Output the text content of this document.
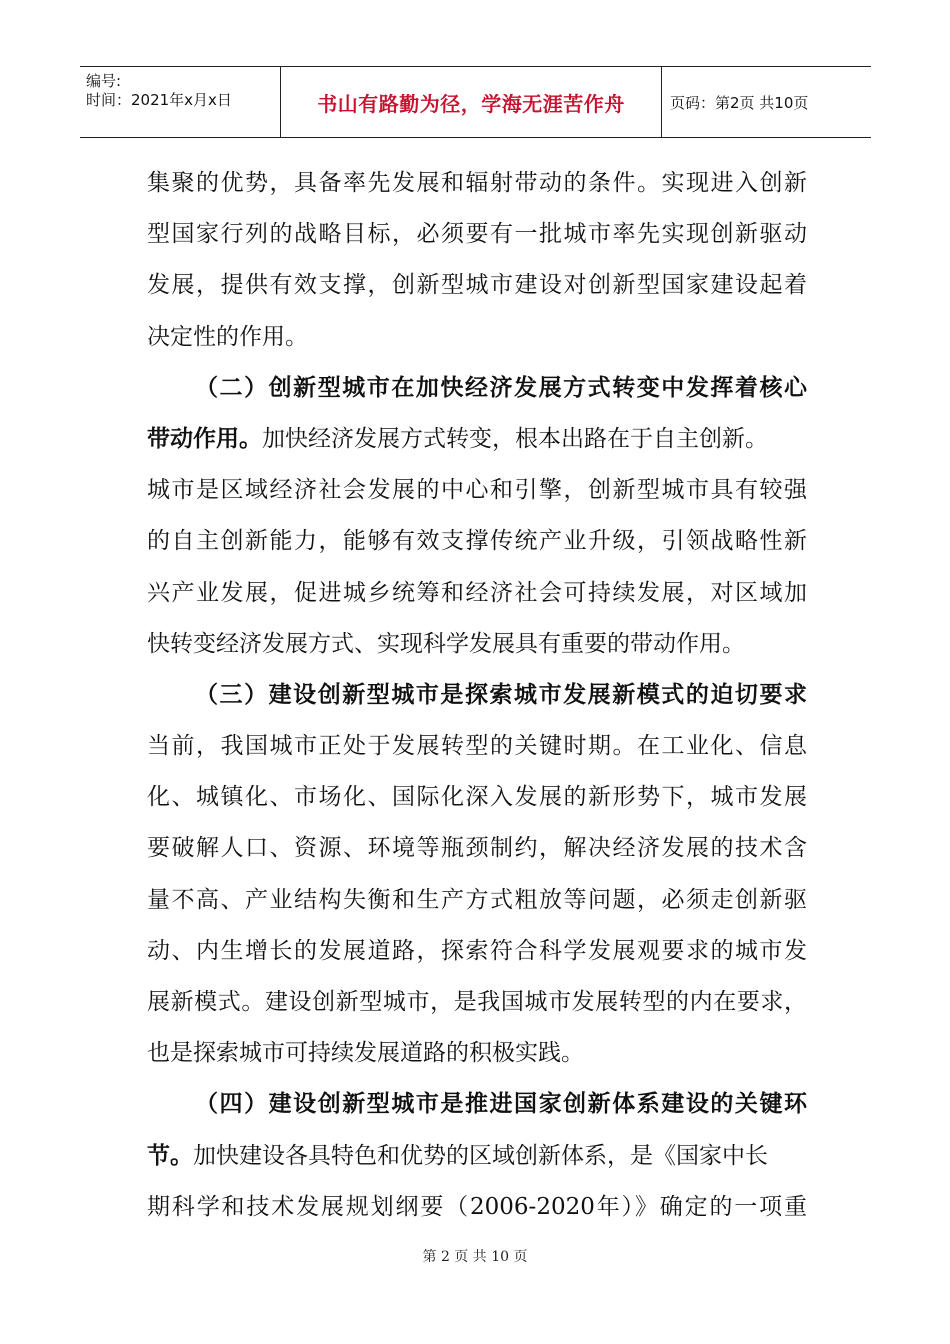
编号:
时间：2021年x月x日	书山有路勤为径，学海无涯苦作舟	页码：第2页 共10页
集聚的优势，具备率先发展和辐射带动的条件。实现进入创新
型国家行列的战略目标，必须要有一批城市率先实现创新驱动
发展，提供有效支撑，创新型城市建设对创新型国家建设起着
决定性的作用。
（二）创新型城市在加快经济发展方式转变中发挥着核心
带动作用。加快经济发展方式转变，根本出路在于自主创新。
城市是区域经济社会发展的中心和引擎，创新型城市具有较强
的自主创新能力，能够有效支撑传统产业升级，引领战略性新
兴产业发展，促进城乡统筹和经济社会可持续发展，对区域加
快转变经济发展方式、实现科学发展具有重要的带动作用。
（三）建设创新型城市是探索城市发展新模式的迫切要求
当前，我国城市正处于发展转型的关键时期。在工业化、信息
化、城镇化、市场化、国际化深入发展的新形势下，城市发展
要破解人口、资源、环境等瓶颈制约，解决经济发展的技术含
量不高、产业结构失衡和生产方式粗放等问题，必须走创新驱
动、内生增长的发展道路，探索符合科学发展观要求的城市发
展新模式。建设创新型城市，是我国城市发展转型的内在要求，
也是探索城市可持续发展道路的积极实践。
（四）建设创新型城市是推进国家创新体系建设的关键环
节。加快建设各具特色和优势的区域创新体系，是《国家中长
期科学和技术发展规划纲要（2006-2020年）》确定的一项重
第 2 页 共 10 页
